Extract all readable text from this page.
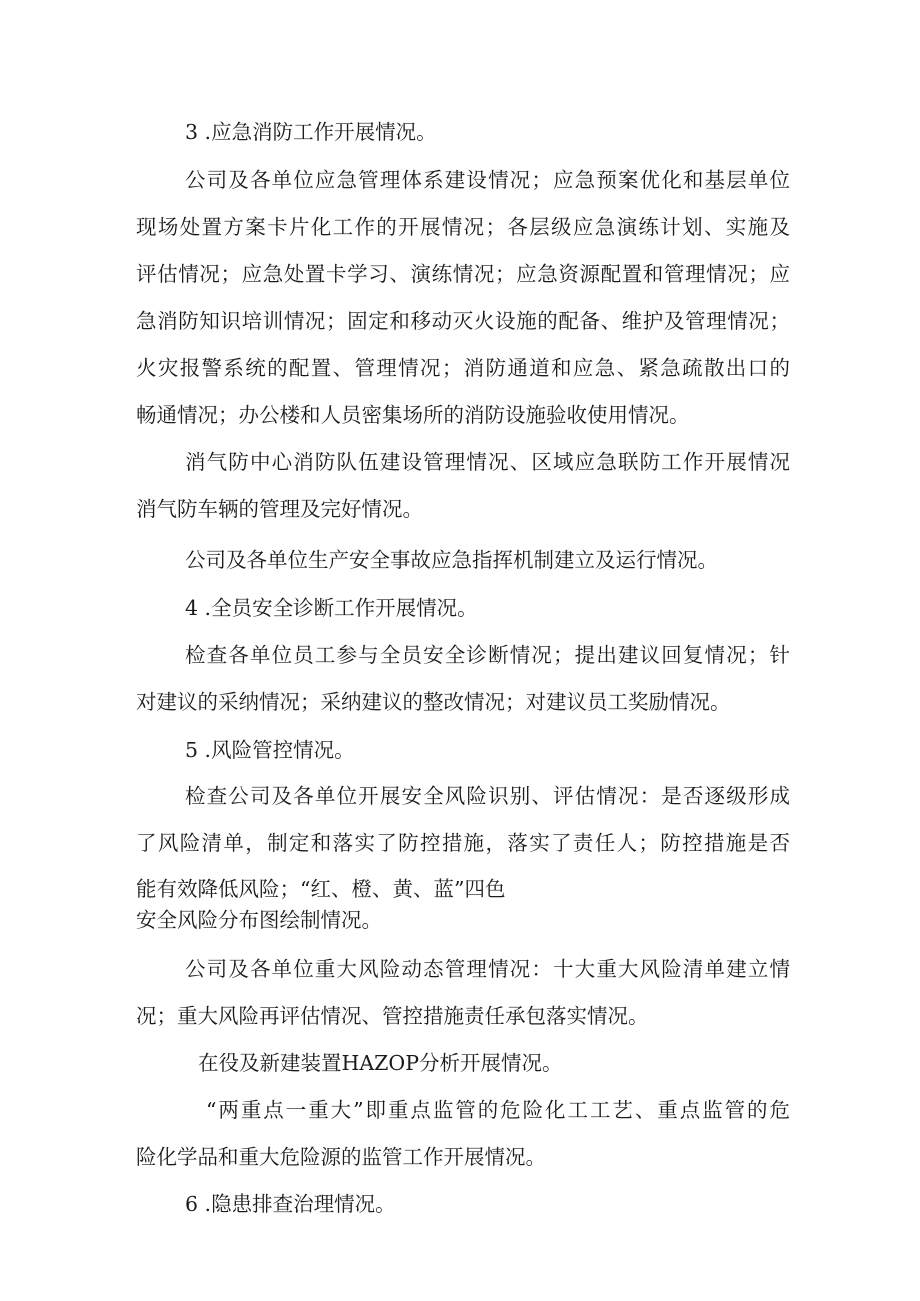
3 .应急消防工作开展情况。

公司及各单位应急管理体系建设情况；应急预案优化和基层单位

现场处置方案卡片化工作的开展情况；各层级应急演练计划、实施及

评估情况；应急处置卡学习、演练情况；应急资源配置和管理情况；应

急消防知识培训情况；固定和移动灭火设施的配备、维护及管理情况；

火灾报警系统的配置、管理情况；消防通道和应急、紧急疏散出口的

畅通情况；办公楼和人员密集场所的消防设施验收使用情况。

消气防中心消防队伍建设管理情况、区域应急联防工作开展情况

消气防车辆的管理及完好情况。

公司及各单位生产安全事故应急指挥机制建立及运行情况。

4 .全员安全诊断工作开展情况。

检查各单位员工参与全员安全诊断情况；提出建议回复情况；针

对建议的采纳情况；采纳建议的整改情况；对建议员工奖励情况。

5 .风险管控情况。

检查公司及各单位开展安全风险识别、评估情况：是否逐级形成

了风险清单，制定和落实了防控措施，落实了责任人；防控措施是否

能有效降低风险；“红、橙、黄、蓝”四色

安全风险分布图绘制情况。

公司及各单位重大风险动态管理情况：十大重大风险清单建立情

况；重大风险再评估情况、管控措施责任承包落实情况。

在役及新建装置HAZOP分析开展情况。

“两重点一重大”即重点监管的危险化工工艺、重点监管的危

险化学品和重大危险源的监管工作开展情况。

6 .隐患排查治理情况。
